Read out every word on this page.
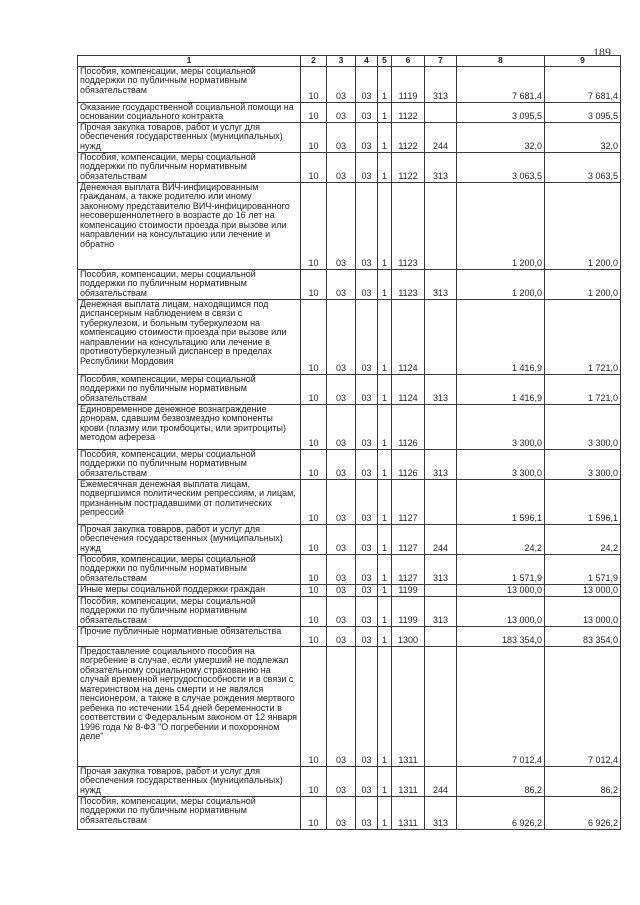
189
1	2	3	4	5	6	7	8	9
Пособия, компенсации, меры социальной поддержки по публичным нормативным обязательствам	10	03	03	1	1119	313	7 681,4	7 681,4
Оказание государственной социальной помощи на основании социального контракта	10	03	03	1	1122		3 095,5	3 095,5
Прочая закупка товаров, работ и услуг для обеспечения государственных (муниципальных) нужд	10	03	03	1	1122	244	32,0	32,0
Пособия, компенсации, меры социальной поддержки по публичным нормативным обязательствам	10	03	03	1	1122	313	3 063,5	3 063,5
Денежная выплата ВИЧ-инфицированным гражданам, а также родителю или иному законному представителю ВИЧ-инфицированного несовершеннолетнего в возрасте до 16 лет на компенсацию стоимости проезда при вызове или направлении на консультацию или лечение и обратно	10	03	03	1	1123		1 200,0	1 200,0
Пособия, компенсации, меры социальной поддержки по публичным нормативным обязательствам	10	03	03	1	1123	313	1 200,0	1 200,0
Денежная выплата лицам, находящимся под диспансерным наблюдением в связи с туберкулезом, и больным туберкулезом на компенсацию стоимости проезда при вызове или направлении на консультацию или лечение в противотуберкулезный диспансер в пределах Республики Мордовия	10	03	03	1	1124		1 416,9	1 721,0
Пособия, компенсации, меры социальной поддержки по публичным нормативным обязательствам	10	03	03	1	1124	313	1 416,9	1 721,0
Единовременное денежное вознаграждение донорам, сдавшим безвозмездно компоненты крови (плазму или тромбоциты, или эритроциты) методом афереза	10	03	03	1	1126		3 300,0	3 300,0
Пособия, компенсации, меры социальной поддержки по публичным нормативным обязательствам	10	03	03	1	1126	313	3 300,0	3 300,0
Ежемесячная денежная выплата лицам, подвергшимся политическим репрессиям, и лицам, признанным пострадавшими от политических репрессий	10	03	03	1	1127		1 596,1	1 596,1
Прочая закупка товаров, работ и услуг для обеспечения государственных (муниципальных) нужд	10	03	03	1	1127	244	24,2	24,2
Пособия, компенсации, меры социальной поддержки по публичным нормативным обязательствам	10	03	03	1	1127	313	1 571,9	1 571,9
Иные меры социальной поддержки граждан	10	03	03	1	1199		13 000,0	13 000,0
Пособия, компенсации, меры социальной поддержки по публичным нормативным обязательствам	10	03	03	1	1199	313	13 000,0	13 000,0
Прочие публичные нормативные обязательства	10	03	03	1	1300		183 354,0	83 354,0
Предоставление социального пособия на погребение в случае, если умерший не подлежал обязательному социальному страхованию на случай временной нетрудоспособности и в связи с материнством на день смерти и не являлся пенсионером, а также в случае рождения мертвого ребенка по истечении 154 дней беременности в соответствии с Федеральным законом от 12 января 1996 года № 8-ФЗ "О погребении и похоронном деле"	10	03	03	1	1311		7 012,4	7 012,4
Прочая закупка товаров, работ и услуг для обеспечения государственных (муниципальных) нужд	10	03	03	1	1311	244	86,2	86,2
Пособия, компенсации, меры социальной поддержки по публичным нормативным обязательствам	10	03	03	1	1311	313	6 926,2	6 926,2
